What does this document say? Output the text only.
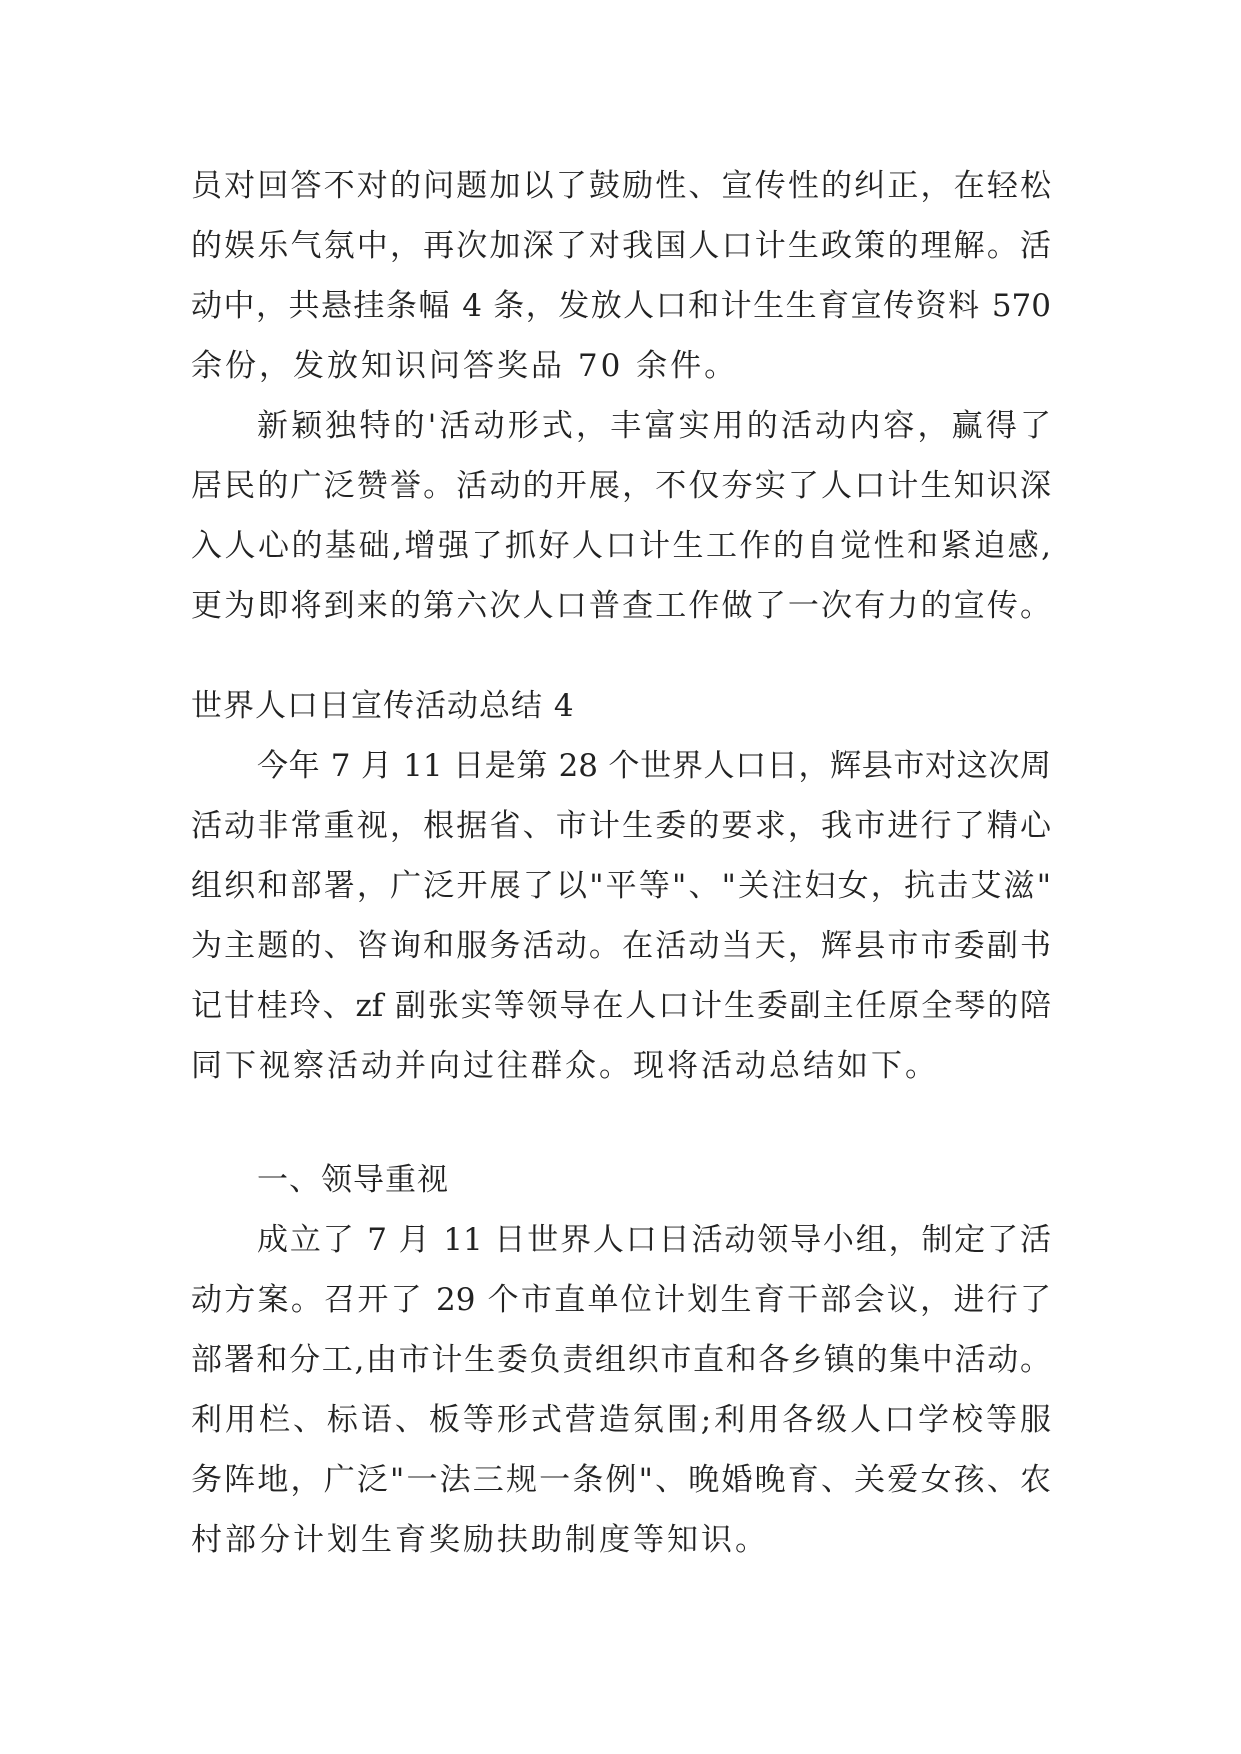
员对回答不对的问题加以了鼓励性、宣传性的纠正，在轻松
的娱乐气氛中，再次加深了对我国人口计生政策的理解。活
动中，共悬挂条幅 4 条，发放人口和计生生育宣传资料 570
余份，发放知识问答奖品 70 余件。
新颖独特的'活动形式，丰富实用的活动内容，赢得了
居民的广泛赞誉。活动的开展，不仅夯实了人口计生知识深
入人心的基础,增强了抓好人口计生工作的自觉性和紧迫感,
更为即将到来的第六次人口普查工作做了一次有力的宣传。
世界人口日宣传活动总结 4
今年 7 月 11 日是第 28 个世界人口日，辉县市对这次周
活动非常重视，根据省、市计生委的要求，我市进行了精心
组织和部署，广泛开展了以"平等"、"关注妇女，抗击艾滋"
为主题的、咨询和服务活动。在活动当天，辉县市市委副书
记甘桂玲、zf 副张实等领导在人口计生委副主任原全琴的陪
同下视察活动并向过往群众。现将活动总结如下。
一、领导重视
成立了 7 月 11 日世界人口日活动领导小组，制定了活
动方案。召开了 29 个市直单位计划生育干部会议，进行了
部署和分工,由市计生委负责组织市直和各乡镇的集中活动。
利用栏、标语、板等形式营造氛围;利用各级人口学校等服
务阵地，广泛"一法三规一条例"、晚婚晚育、关爱女孩、农
村部分计划生育奖励扶助制度等知识。
